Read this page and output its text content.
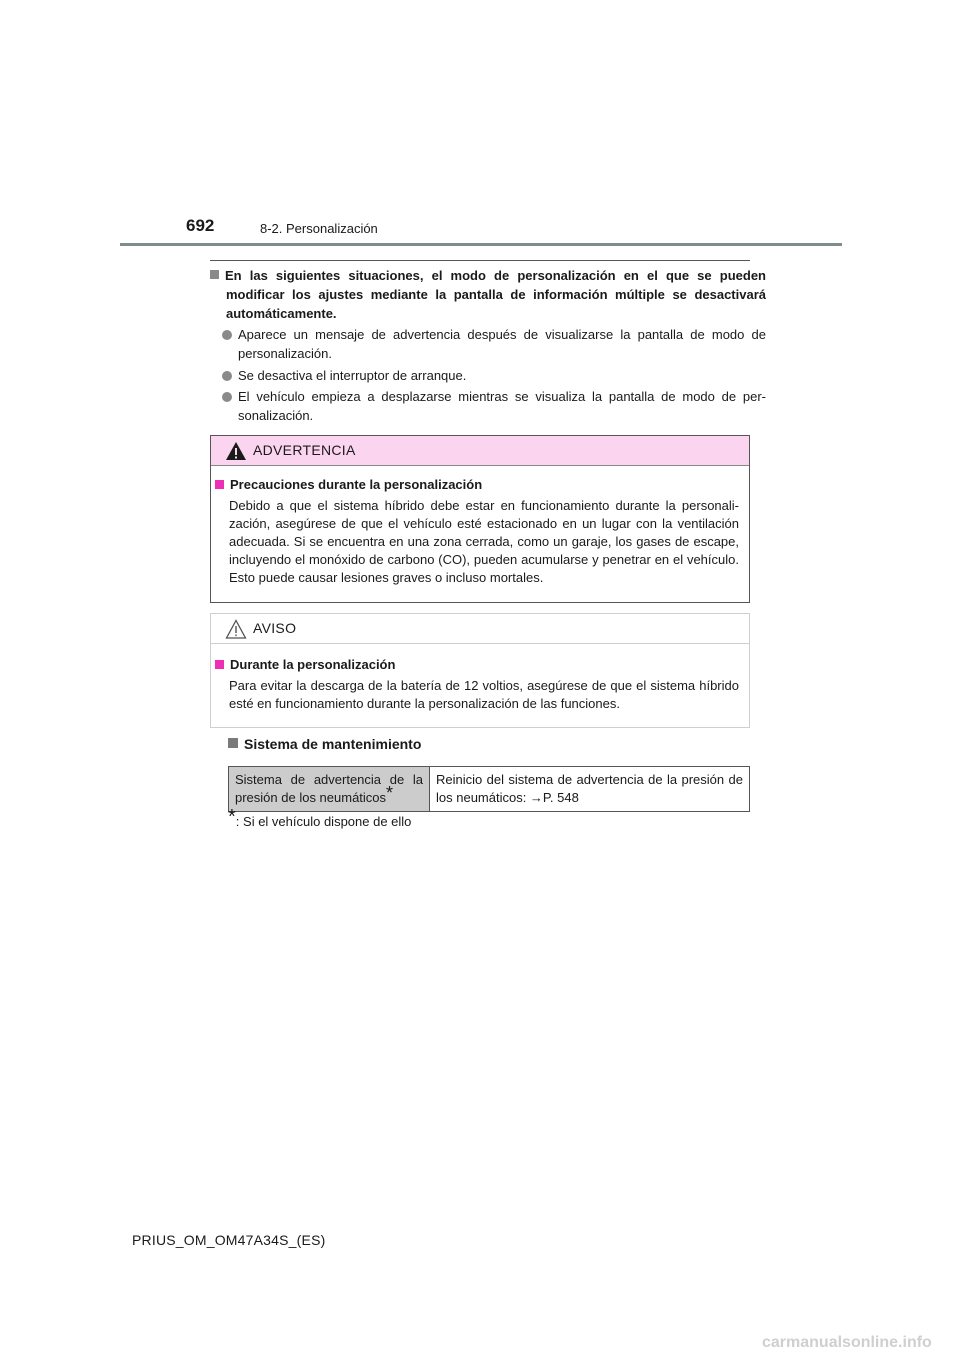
692	8-2. Personalización
En las siguientes situaciones, el modo de personalización en el que se pueden modificar los ajustes mediante la pantalla de información múltiple se desactivará automáticamente.
Aparece un mensaje de advertencia después de visualizarse la pantalla de modo de personalización.
Se desactiva el interruptor de arranque.
El vehículo empieza a desplazarse mientras se visualiza la pantalla de modo de per-sonalización.
ADVERTENCIA
Precauciones durante la personalización
Debido a que el sistema híbrido debe estar en funcionamiento durante la personali-zación, asegúrese de que el vehículo esté estacionado en un lugar con la ventilación adecuada. Si se encuentra en una zona cerrada, como un garaje, los gases de escape, incluyendo el monóxido de carbono (CO), pueden acumularse y penetrar en el vehículo. Esto puede causar lesiones graves o incluso mortales.
AVISO
Durante la personalización
Para evitar la descarga de la batería de 12 voltios, asegúrese de que el sistema híbrido esté en funcionamiento durante la personalización de las funciones.
Sistema de mantenimiento
Sistema de advertencia de la presión de los neumáticos*	Reinicio del sistema de advertencia de la presión de los neumáticos: →P. 548
*: Si el vehículo dispone de ello
PRIUS_OM_OM47A34S_(ES)
carmanualsonline.info
